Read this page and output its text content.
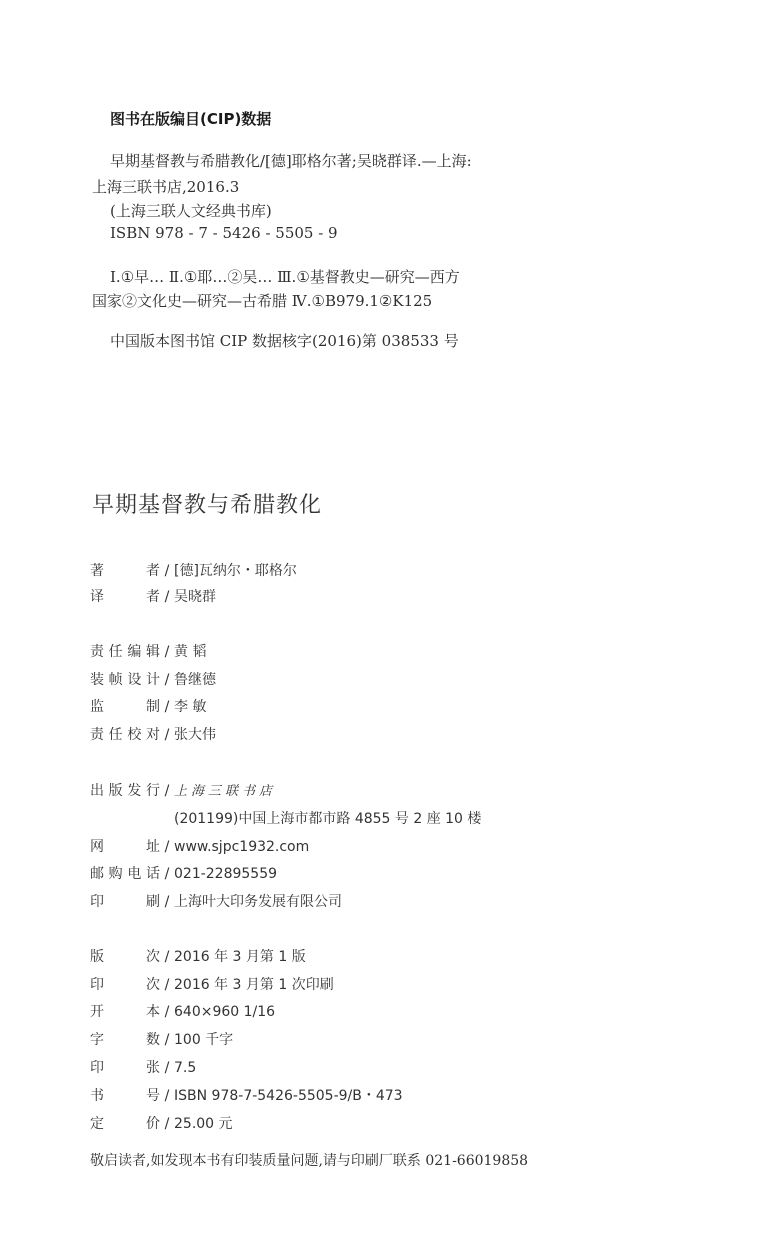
图书在版编目(CIP)数据
早期基督教与希腊教化/[德]耶格尔著;吴晓群译.—上海:
上海三联书店,2016.3
(上海三联人文经典书库)
ISBN 978 - 7 - 5426 - 5505 - 9
Ⅰ.①早… Ⅱ.①耶…②吴… Ⅲ.①基督教史—研究—西方
国家②文化史—研究—古希腊 Ⅳ.①B979.1②K125
中国版本图书馆 CIP 数据核字(2016)第 038533 号
早期基督教与希腊教化
著者 / [德]瓦纳尔・耶格尔
译者 / 吴晓群
责任编辑 / 黄 韬
装帧设计 / 鲁继德
监制 / 李 敏
责任校对 / 张大伟
出版发行 / 上海三联书店
(201199)中国上海市都市路 4855 号 2 座 10 楼
网址 / www.sjpc1932.com
邮购电话 / 021-22895559
印刷 / 上海叶大印务发展有限公司
版次 / 2016 年 3 月第 1 版
印次 / 2016 年 3 月第 1 次印刷
开本 / 640×960 1/16
字数 / 100 千字
印张 / 7.5
书号 / ISBN 978-7-5426-5505-9/B・473
定价 / 25.00 元
敬启读者,如发现本书有印装质量问题,请与印刷厂联系 021-66019858
